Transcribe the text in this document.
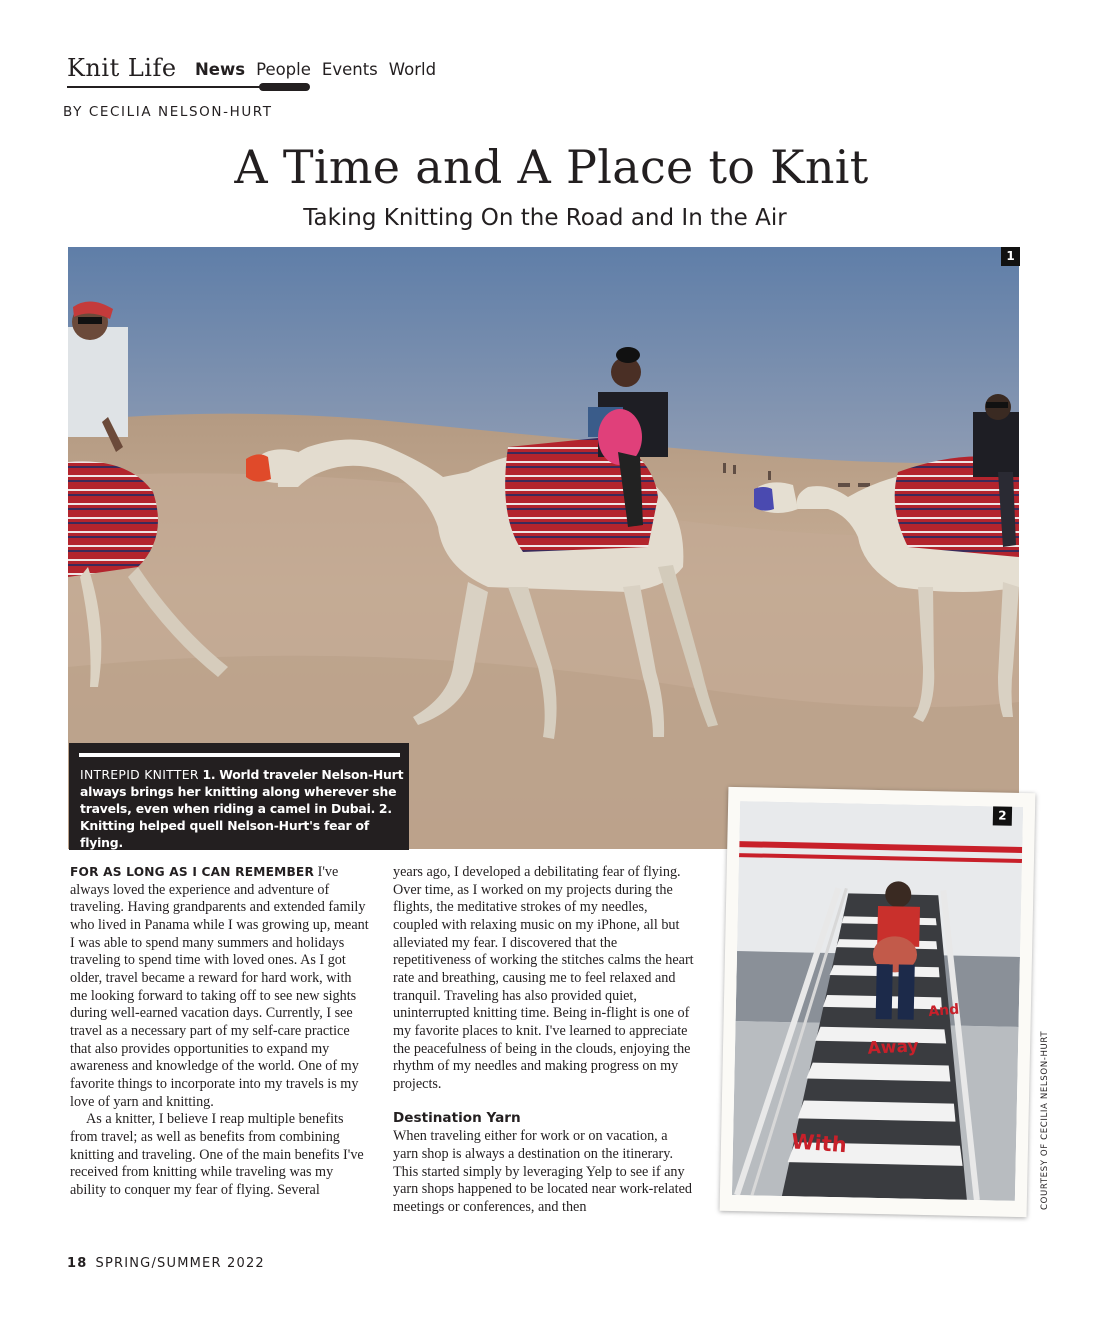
Knit Life News People Events World
BY CECILIA NELSON-HURT
A Time and A Place to Knit
Taking Knitting On the Road and In the Air
1
INTREPID KNITTER 1. World traveler Nelson-Hurt always brings her knitting along wherever she travels, even when riding a camel in Dubai. 2. Knitting helped quell Nelson-Hurt's fear of flying.

FOR AS LONG AS I CAN REMEMBER I've always loved the experience and adventure of traveling. Having grandparents and extended family who lived in Panama while I was growing up, meant I was able to spend many summers and holidays traveling to spend time with loved ones. As I got older, travel became a reward for hard work, with me looking forward to taking off to see new sights during well-earned vacation days. Currently, I see travel as a necessary part of my self-care practice that also provides opportunities to expand my awareness and knowledge of the world. One of my favorite things to incorporate into my travels is my love of yarn and knitting.

As a knitter, I believe I reap multiple benefits from travel; as well as benefits from combining knitting and traveling. One of the main benefits I've received from knitting while traveling was my ability to conquer my fear of flying. Several

years ago, I developed a debilitating fear of flying. Over time, as I worked on my projects during the flights, the meditative strokes of my needles, coupled with relaxing music on my iPhone, all but alleviated my fear. I discovered that the repetitiveness of working the stitches calms the heart rate and breathing, causing me to feel relaxed and tranquil. Traveling has also provided quiet, uninterrupted knitting time. Being in-flight is one of my favorite places to knit. I've learned to appreciate the peacefulness of being in the clouds, enjoying the rhythm of my needles and making progress on my projects.

Destination Yarn

When traveling either for work or on vacation, a yarn shop is always a destination on the itinerary. This started simply by leveraging Yelp to see if any yarn shops happened to be located near work-related meetings or conferences, and then

And
Away
With
2
COURTESY OF CECILIA NELSON-HURT
18 SPRING/SUMMER 2022
